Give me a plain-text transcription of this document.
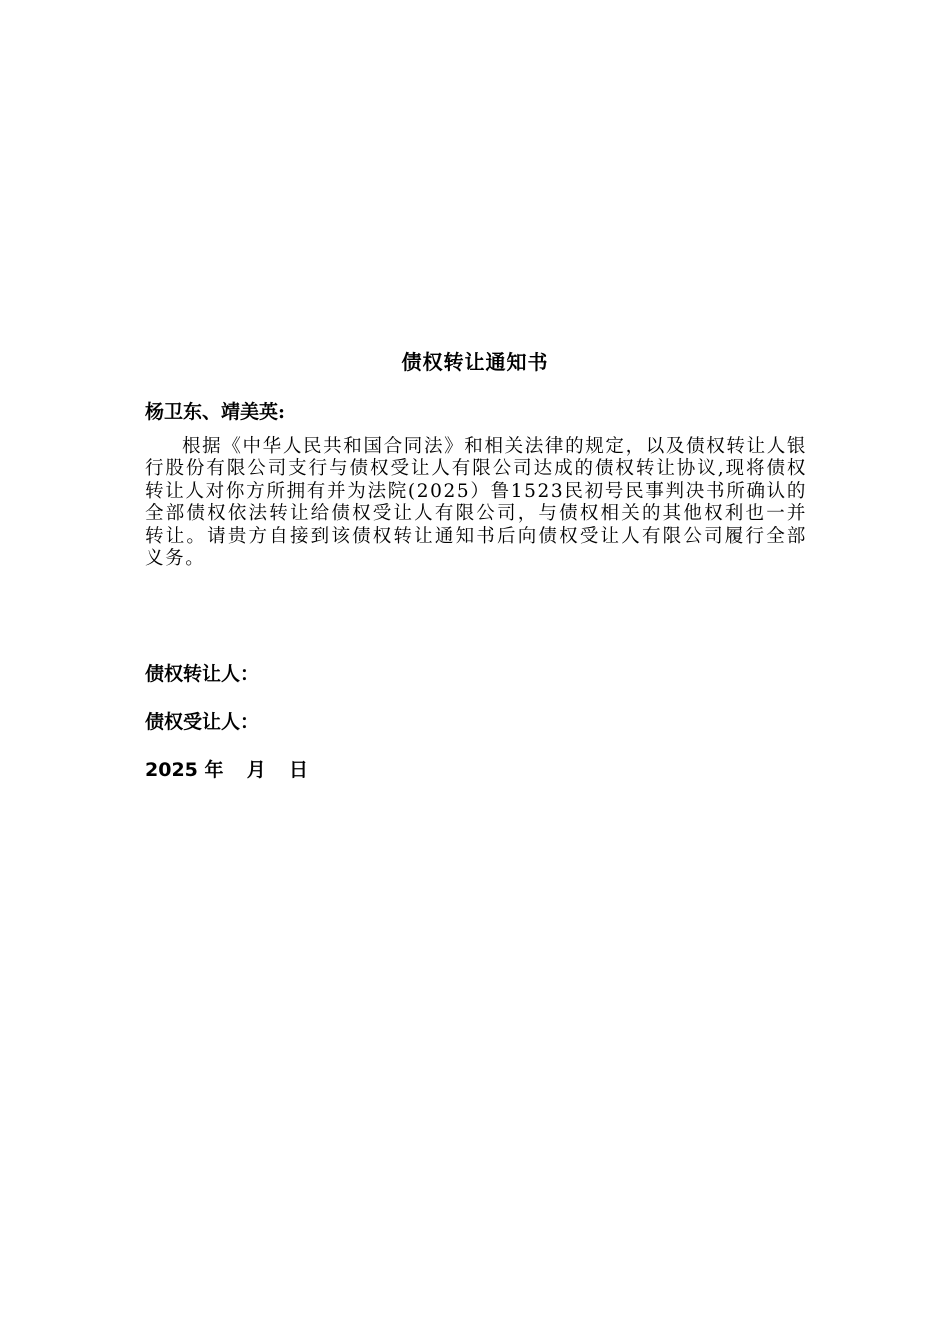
债权转让通知书
杨卫东、靖美英:
根据《中华人民共和国合同法》和相关法律的规定，以及债权转让人银行股份有限公司支行与债权受让人有限公司达成的债权转让协议,现将债权转让人对你方所拥有并为法院(2025）鲁1523民初号民事判决书所确认的全部债权依法转让给债权受让人有限公司，与债权相关的其他权利也一并转让。请贵方自接到该债权转让通知书后向债权受让人有限公司履行全部义务。
债权转让人：
债权受让人：
2025 年 月 日
